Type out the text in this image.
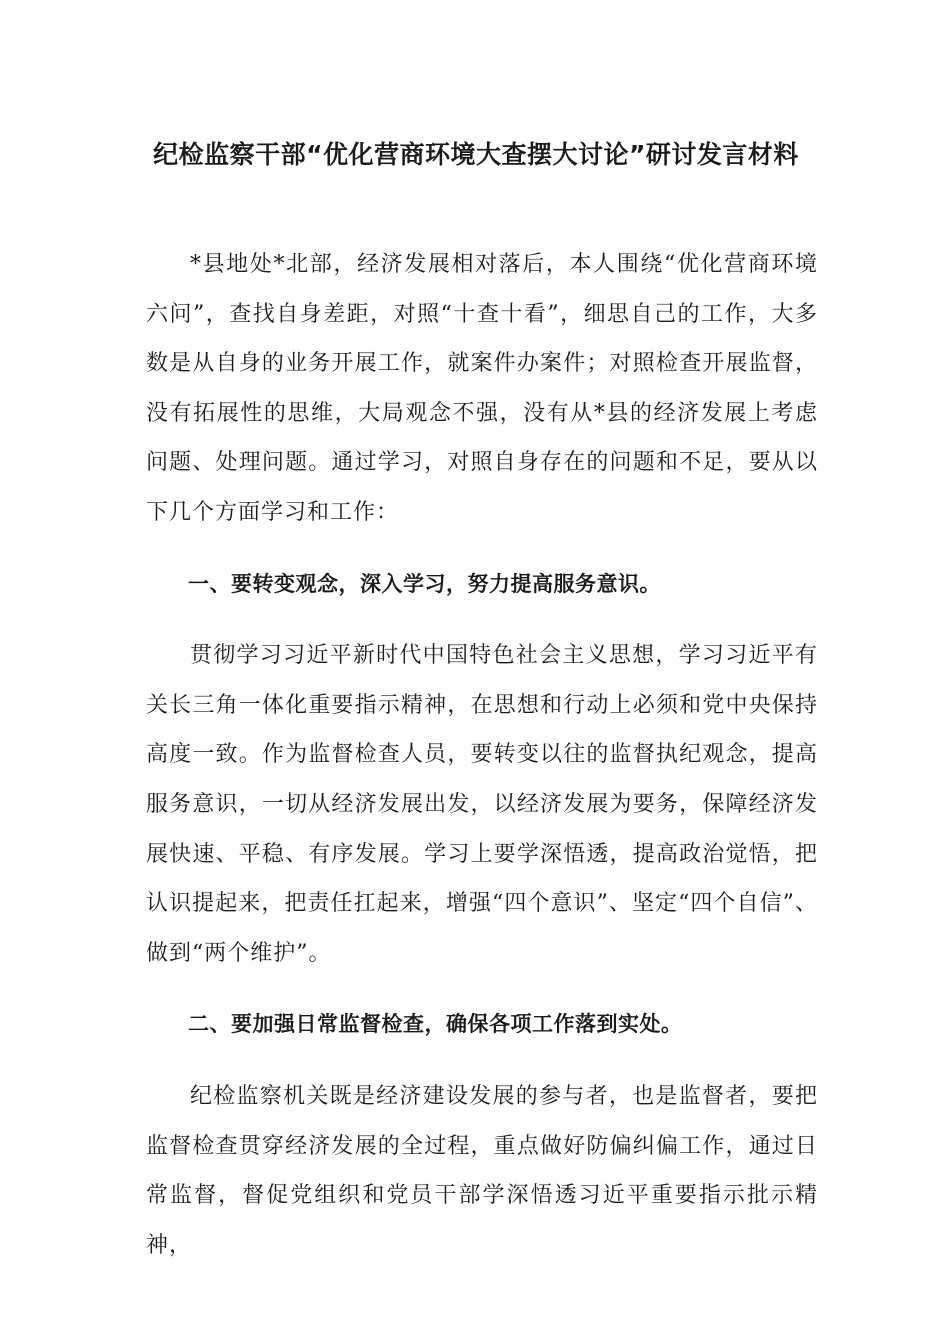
纪检监察干部“优化营商环境大查摆大讨论”研讨发言材料

*县地处*北部，经济发展相对落后，本人围绕“优化营商环境六问”，查找自身差距，对照“十查十看”，细思自己的工作，大多数是从自身的业务开展工作，就案件办案件；对照检查开展监督，没有拓展性的思维，大局观念不强，没有从*县的经济发展上考虑问题、处理问题。通过学习，对照自身存在的问题和不足，要从以下几个方面学习和工作：

一、要转变观念，深入学习，努力提高服务意识。

贯彻学习习近平新时代中国特色社会主义思想，学习习近平有关长三角一体化重要指示精神，在思想和行动上必须和党中央保持高度一致。作为监督检查人员，要转变以往的监督执纪观念，提高服务意识，一切从经济发展出发，以经济发展为要务，保障经济发展快速、平稳、有序发展。学习上要学深悟透，提高政治觉悟，把认识提起来，把责任扛起来，增强“四个意识”、坚定“四个自信”、做到“两个维护”。

二、要加强日常监督检查，确保各项工作落到实处。

纪检监察机关既是经济建设发展的参与者，也是监督者，要把监督检查贯穿经济发展的全过程，重点做好防偏纠偏工作，通过日常监督，督促党组织和党员干部学深悟透习近平重要指示批示精神，
